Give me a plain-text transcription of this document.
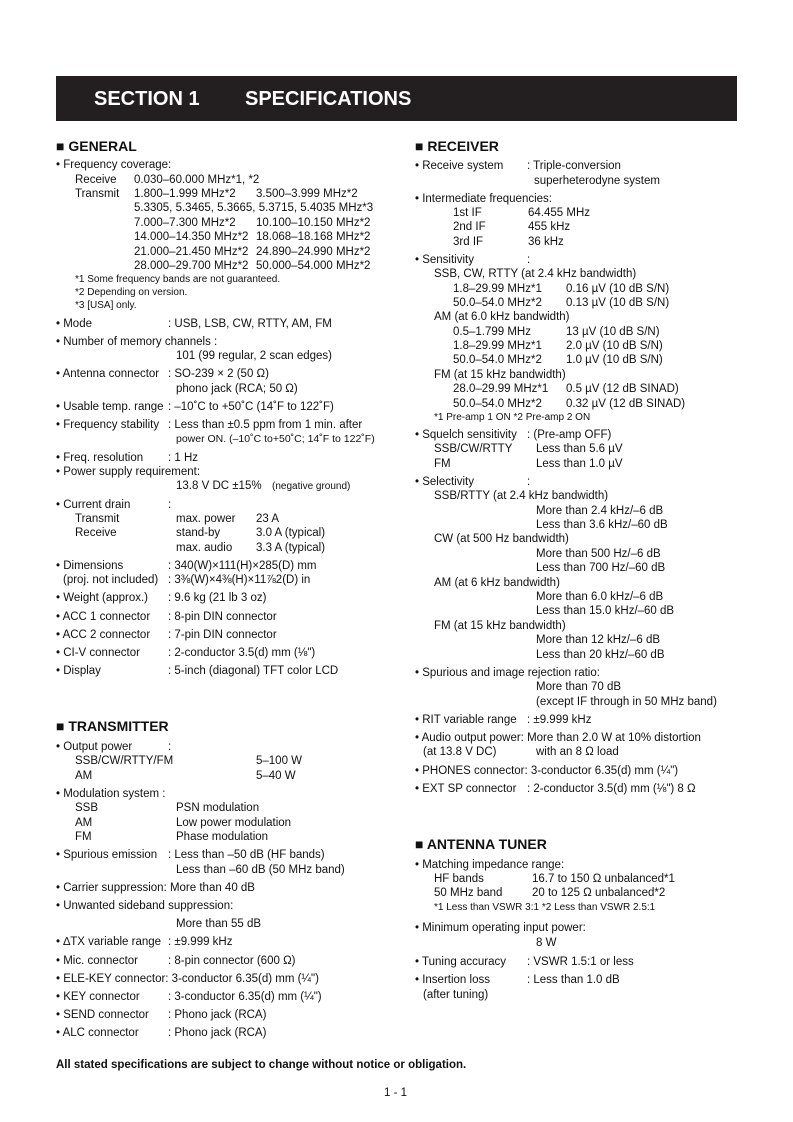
SECTION 1 SPECIFICATIONS
■ GENERAL
• Frequency coverage:
Receive 0.030–60.000 MHz*1, *2
Transmit 1.800–1.999 MHz*2 3.500–3.999 MHz*2
5.3305, 5.3465, 5.3665, 5.3715, 5.4035 MHz*3
7.000–7.300 MHz*2 10.100–10.150 MHz*2
14.000–14.350 MHz*2 18.068–18.168 MHz*2
21.000–21.450 MHz*2 24.890–24.990 MHz*2
28.000–29.700 MHz*2 50.000–54.000 MHz*2
*1 Some frequency bands are not guaranteed.
*2 Depending on version.
*3 [USA] only.
• Mode	: USB, LSB, CW, RTTY, AM, FM
• Number of memory channels :
101 (99 regular, 2 scan edges)
• Antenna connector : SO-239 × 2 (50 Ω)
phono jack (RCA; 50 Ω)
• Usable temp. range : –10˚C to +50˚C (14˚F to 122˚F)
• Frequency stability : Less than ±0.5 ppm from 1 min. after
power ON. (–10˚C to+50˚C; 14˚F to 122˚F)
• Freq. resolution : 1 Hz
• Power supply requirement:
13.8 V DC ±15% (negative ground)
• Current drain	:
Transmit	max. power 23 A
Receive	stand-by	3.0 A (typical)
max. audio 3.3 A (typical)
• Dimensions	: 340(W)×111(H)×285(D) mm
(proj. not included) : 3⅜(W)×4⅜(H)×11⅞2(D) in
• Weight (approx.) : 9.6 kg (21 lb 3 oz)
• ACC 1 connector : 8-pin DIN connector
• ACC 2 connector : 7-pin DIN connector
• CI-V connector : 2-conductor 3.5(d) mm (⅛")
• Display	: 5-inch (diagonal) TFT color LCD
■ TRANSMITTER
• Output power	:
SSB/CW/RTTY/FM	5–100 W
AM	5–40 W
• Modulation system :
SSB	PSN modulation
AM	Low power modulation
FM	Phase modulation
• Spurious emission : Less than –50 dB (HF bands)
Less than –60 dB (50 MHz band)
• Carrier suppression: More than 40 dB
• Unwanted sideband suppression:
More than 55 dB
• ∆TX variable range : ±9.999 kHz
• Mic. connector	: 8-pin connector (600 Ω)
• ELE-KEY connector: 3-conductor 6.35(d) mm (¼")
• KEY connector : 3-conductor 6.35(d) mm (¼")
• SEND connector : Phono jack (RCA)
• ALC connector	: Phono jack (RCA)
■ RECEIVER
• Receive system : Triple-conversion
superheterodyne system
• Intermediate frequencies:
1st IF	64.455 MHz
2nd IF	455 kHz
3rd IF	36 kHz
• Sensitivity	:
SSB, CW, RTTY (at 2.4 kHz bandwidth)
1.8–29.99 MHz*1 0.16 µV (10 dB S/N)
50.0–54.0 MHz*2 0.13 µV (10 dB S/N)
AM (at 6.0 kHz bandwidth)
0.5–1.799 MHz	13 µV (10 dB S/N)
1.8–29.99 MHz*1 2.0 µV (10 dB S/N)
50.0–54.0 MHz*2 1.0 µV (10 dB S/N)
FM (at 15 kHz bandwidth)
28.0–29.99 MHz*1 0.5 µV (12 dB SINAD)
50.0–54.0 MHz*2 0.32 µV (12 dB SINAD)
*1 Pre-amp 1 ON *2 Pre-amp 2 ON
• Squelch sensitivity : (Pre-amp OFF)
SSB/CW/RTTY Less than 5.6 µV
FM	Less than 1.0 µV
• Selectivity	:
SSB/RTTY (at 2.4 kHz bandwidth)
More than 2.4 kHz/–6 dB
Less than 3.6 kHz/–60 dB
CW (at 500 Hz bandwidth)
More than 500 Hz/–6 dB
Less than 700 Hz/–60 dB
AM (at 6 kHz bandwidth)
More than 6.0 kHz/–6 dB
Less than 15.0 kHz/–60 dB
FM (at 15 kHz bandwidth)
More than 12 kHz/–6 dB
Less than 20 kHz/–60 dB
• Spurious and image rejection ratio:
More than 70 dB
(except IF through in 50 MHz band)
• RIT variable range : ±9.999 kHz
• Audio output power: More than 2.0 W at 10% distortion
(at 13.8 V DC)	with an 8 Ω load
• PHONES connector: 3-conductor 6.35(d) mm (¼")
• EXT SP connector : 2-conductor 3.5(d) mm (⅛") 8 Ω
■ ANTENNA TUNER
• Matching impedance range:
HF bands	16.7 to 150 Ω unbalanced*1
50 MHz band	20 to 125 Ω unbalanced*2
*1 Less than VSWR 3:1 *2 Less than VSWR 2.5:1
• Minimum operating input power:
8 W
• Tuning accuracy : VSWR 1.5:1 or less
• Insertion loss	: Less than 1.0 dB
(after tuning)
All stated specifications are subject to change without notice or obligation.
1 - 1
